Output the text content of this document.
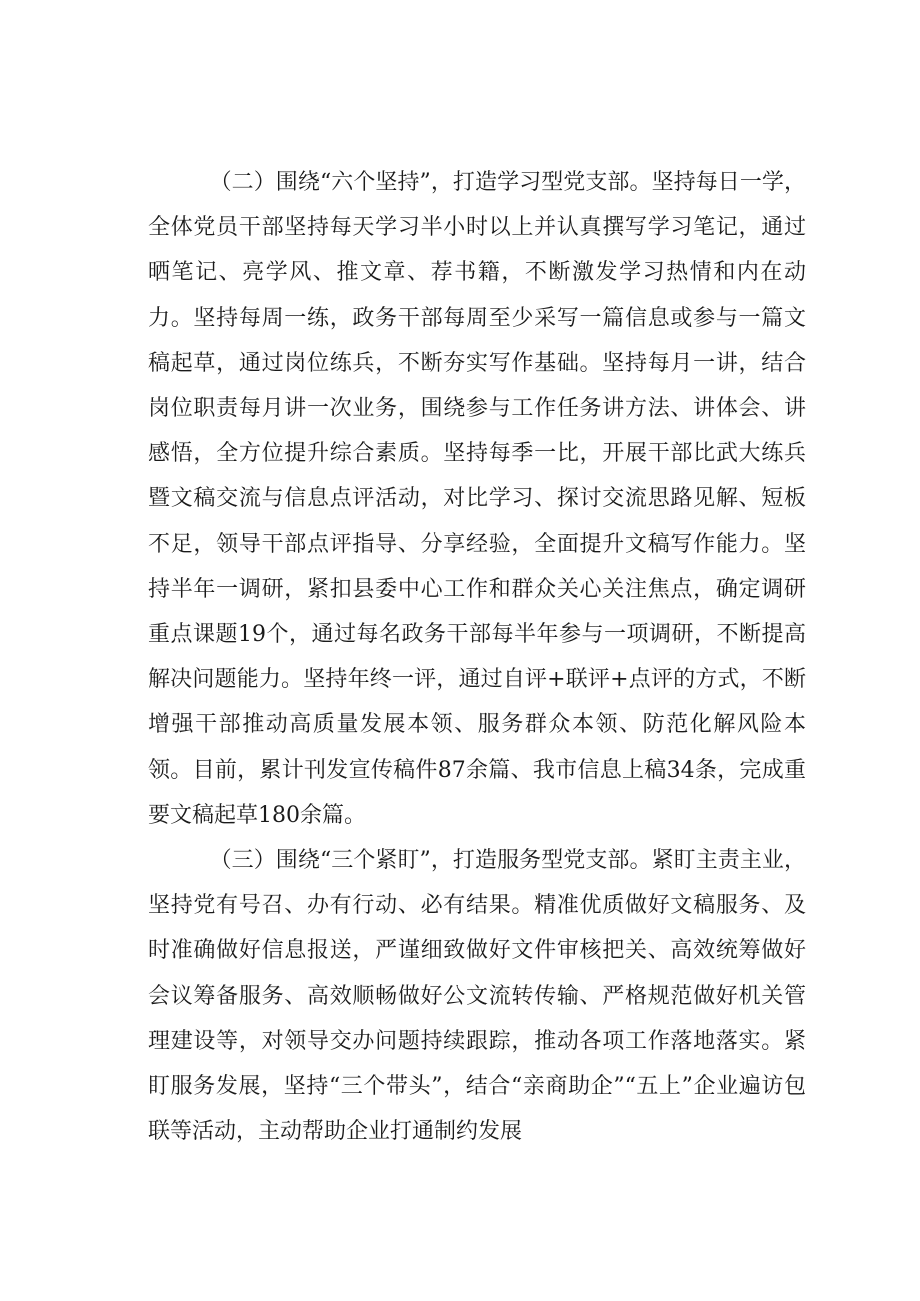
（二）围绕“六个坚持”，打造学习型党支部。坚持每日一学，全体党员干部坚持每天学习半小时以上并认真撰写学习笔记，通过晒笔记、亮学风、推文章、荐书籍，不断激发学习热情和内在动力。坚持每周一练，政务干部每周至少采写一篇信息或参与一篇文稿起草，通过岗位练兵，不断夯实写作基础。坚持每月一讲，结合岗位职责每月讲一次业务，围绕参与工作任务讲方法、讲体会、讲感悟，全方位提升综合素质。坚持每季一比，开展干部比武大练兵暨文稿交流与信息点评活动，对比学习、探讨交流思路见解、短板不足，领导干部点评指导、分享经验，全面提升文稿写作能力。坚持半年一调研，紧扣县委中心工作和群众关心关注焦点，确定调研重点课题19个，通过每名政务干部每半年参与一项调研，不断提高解决问题能力。坚持年终一评，通过自评+联评+点评的方式，不断增强干部推动高质量发展本领、服务群众本领、防范化解风险本领。目前，累计刊发宣传稿件87余篇、我市信息上稿34条，完成重要文稿起草180余篇。

（三）围绕“三个紧盯”，打造服务型党支部。紧盯主责主业，坚持党有号召、办有行动、必有结果。精准优质做好文稿服务、及时准确做好信息报送，严谨细致做好文件审核把关、高效统筹做好会议筹备服务、高效顺畅做好公文流转传输、严格规范做好机关管理建设等，对领导交办问题持续跟踪，推动各项工作落地落实。紧盯服务发展，坚持“三个带头”，结合“亲商助企”“五上”企业遍访包联等活动，主动帮助企业打通制约发展
